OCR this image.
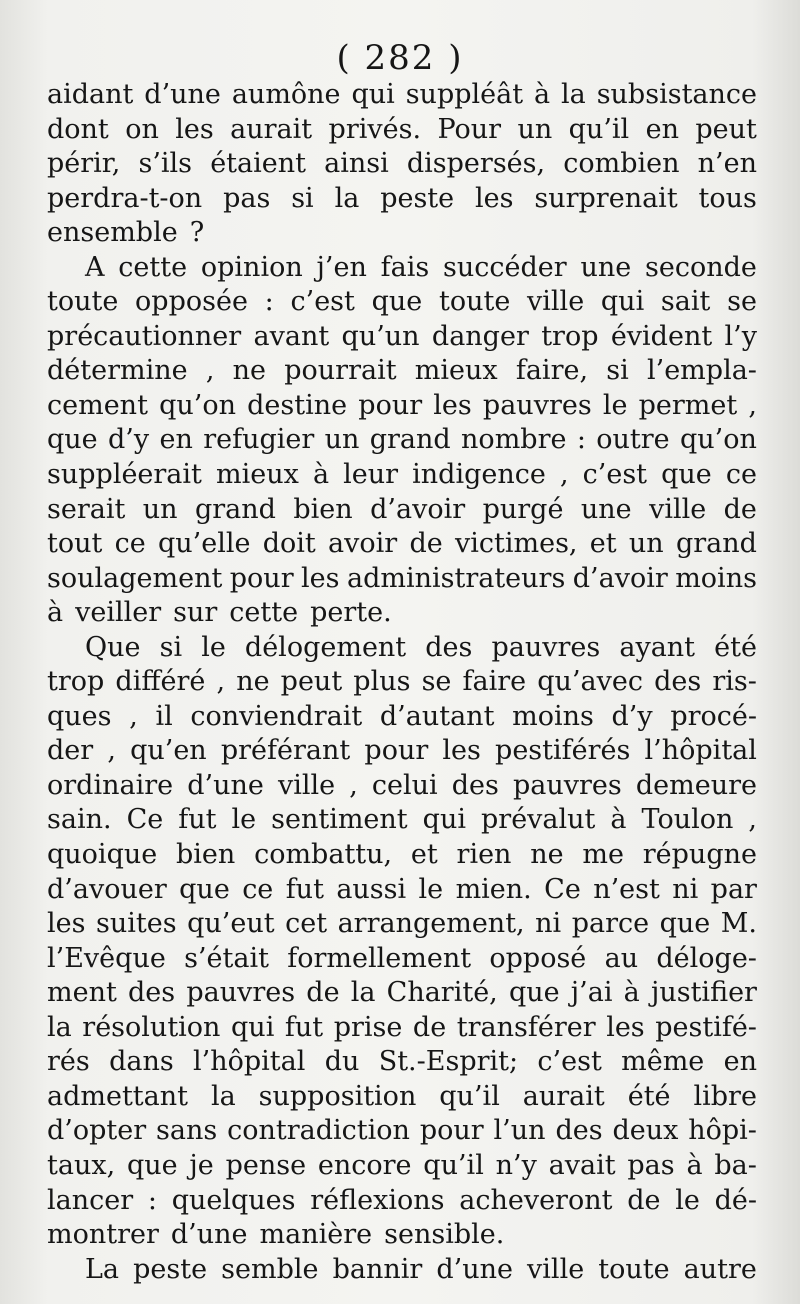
( 282 )
aidant d’une aumône qui suppléât à la subsistance
dont on les aurait privés. Pour un qu’il en peut
périr, s’ils étaient ainsi dispersés, combien n’en
perdra-t-on pas si la peste les surprenait tous
ensemble ?
A cette opinion j’en fais succéder une seconde
toute opposée : c’est que toute ville qui sait se
précautionner avant qu’un danger trop évident l’y
détermine , ne pourrait mieux faire, si l’empla-
cement qu’on destine pour les pauvres le permet ,
que d’y en refugier un grand nombre : outre qu’on
suppléerait mieux à leur indigence , c’est que ce
serait un grand bien d’avoir purgé une ville de
tout ce qu’elle doit avoir de victimes, et un grand
soulagement pour les administrateurs d’avoir moins
à veiller sur cette perte.
Que si le délogement des pauvres ayant été
trop différé , ne peut plus se faire qu’avec des ris-
ques , il conviendrait d’autant moins d’y procé-
der , qu’en préférant pour les pestiférés l’hôpital
ordinaire d’une ville , celui des pauvres demeure
sain. Ce fut le sentiment qui prévalut à Toulon ,
quoique bien combattu, et rien ne me répugne
d’avouer que ce fut aussi le mien. Ce n’est ni par
les suites qu’eut cet arrangement, ni parce que M.
l’Evêque s’était formellement opposé au déloge-
ment des pauvres de la Charité, que j’ai à justifier
la résolution qui fut prise de transférer les pestifé-
rés dans l’hôpital du St.-Esprit; c’est même en
admettant la supposition qu’il aurait été libre
d’opter sans contradiction pour l’un des deux hôpi-
taux, que je pense encore qu’il n’y avait pas à ba-
lancer : quelques réflexions acheveront de le dé-
montrer d’une manière sensible.
La peste semble bannir d’une ville toute autre
